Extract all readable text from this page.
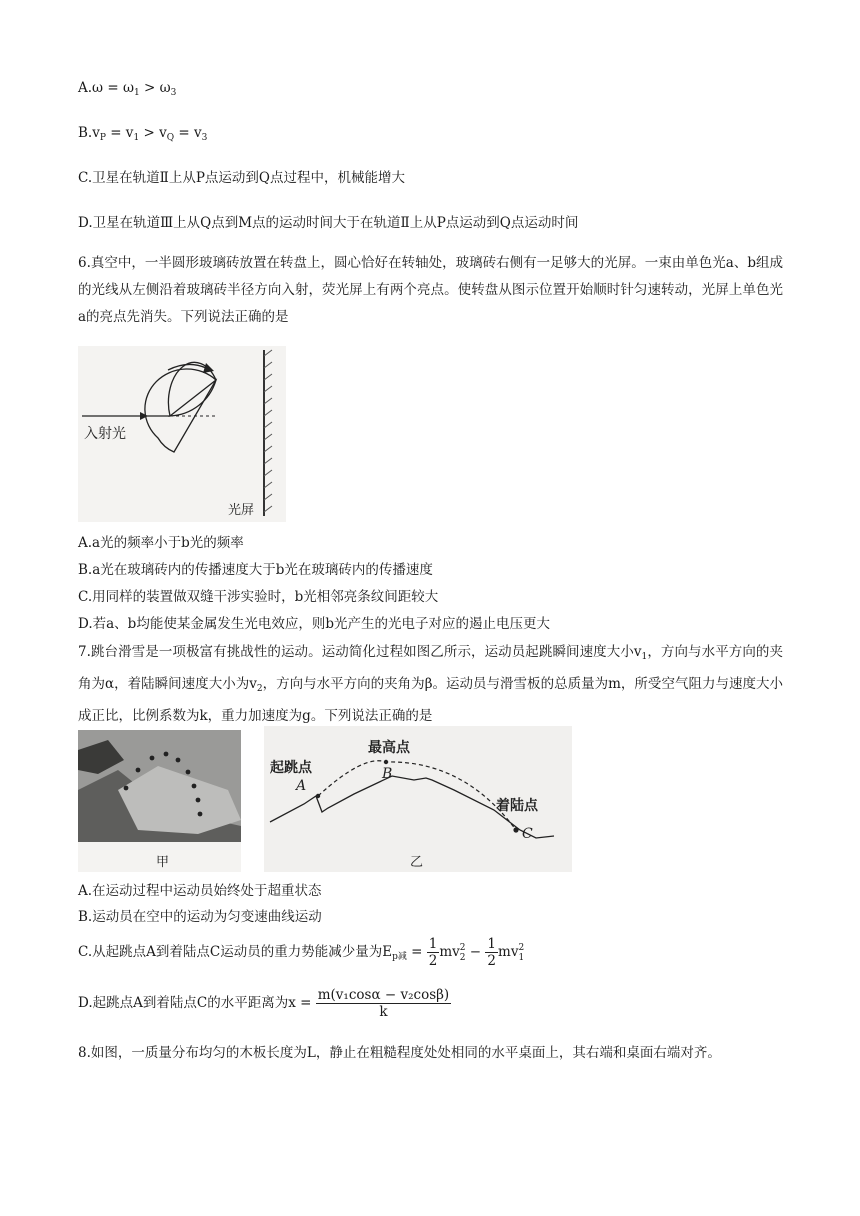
$A.\omega = \omega_1 > \omega_3$
$B.v_P = v_1 > v_Q = v_3$
C.卫星在轨道Ⅱ上从P点运动到Q点过程中，机械能增大
D.卫星在轨道Ⅲ上从Q点到M点的运动时间大于在轨道Ⅱ上从P点运动到Q点运动时间
6.真空中，一半圆形玻璃砖放置在转盘上，圆心恰好在转轴处，玻璃砖右侧有一足够大的光屏。一束由单色光a、b组成的光线从左侧沿着玻璃砖半径方向入射，荧光屏上有两个亮点。使转盘从图示位置开始顺时针匀速转动，光屏上单色光a的亮点先消失。下列说法正确的是
入射光
光屏
A.a光的频率小于b光的频率
B.a光在玻璃砖内的传播速度大于b光在玻璃砖内的传播速度
C.用同样的装置做双缝干涉实验时，b光相邻亮条纹间距较大
D.若a、b均能使某金属发生光电效应，则b光产生的光电子对应的遏止电压更大
7.跳台滑雪是一项极富有挑战性的运动。运动简化过程如图乙所示，运动员起跳瞬间速度大小$v_1$，方向与水平方向的夹角为α，着陆瞬间速度大小为$v_2$，方向与水平方向的夹角为β。运动员与滑雪板的总质量为m，所受空气阻力与速度大小成正比，比例系数为k，重力加速度为g。下列说法正确的是
甲
起跳点
最高点
着陆点
A
B
C
乙
A.在运动过程中运动员始终处于超重状态
B.运动员在空中的运动为匀变速曲线运动
C.从起跳点A到着陆点C运动员的重力势能减少量为$E_{p减} = \frac{1}{2}$ mv 2
$2 - \frac{1}{2}$ mv 2
1
D.起跳点A到着陆点C的水平距离为$x = \frac{\text{m(v₁cosα − v₂cosβ)}}{k}$
8.如图，一质量分布均匀的木板长度为L，静止在粗糙程度处处相同的水平桌面上，其右端和桌面右端对齐。
